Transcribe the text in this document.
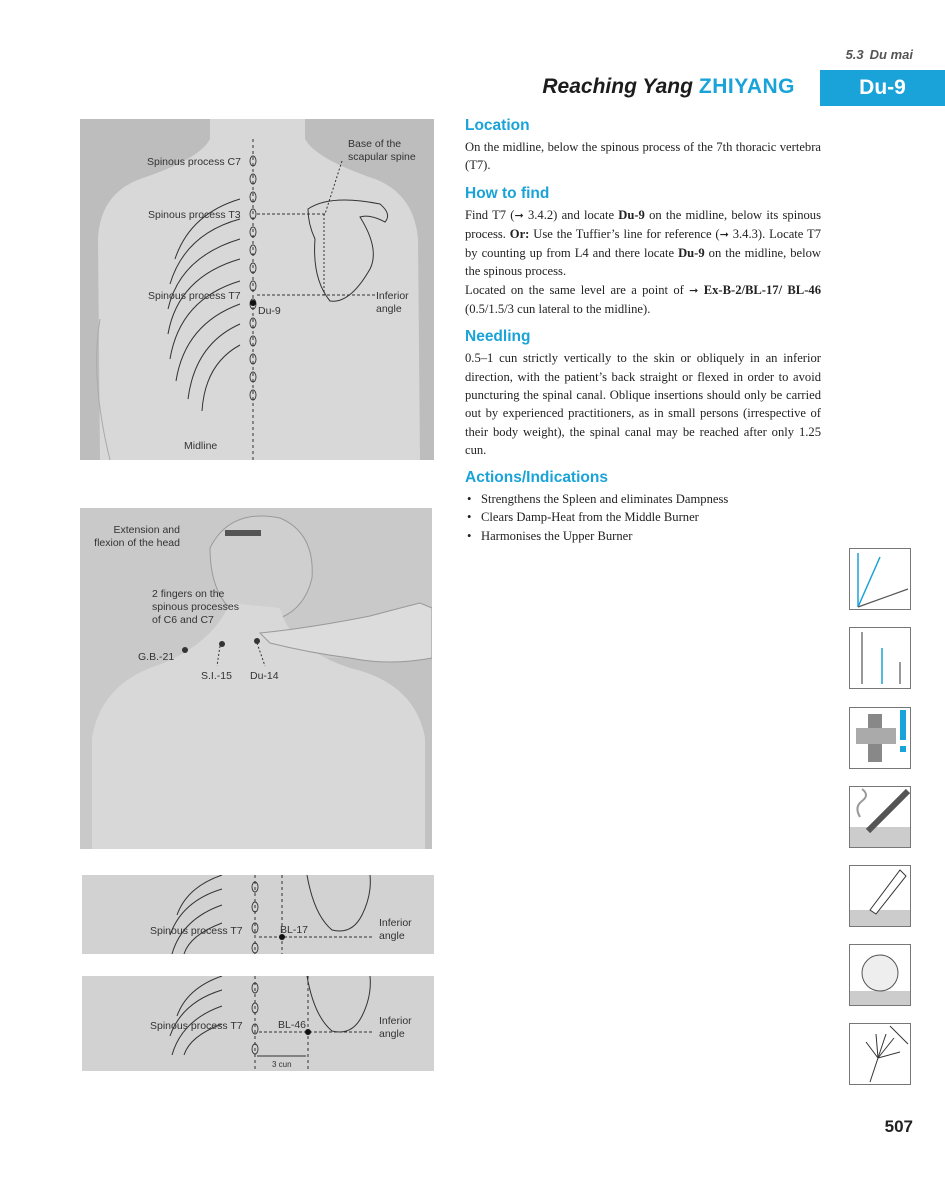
5.3 Du mai
Reaching Yang ZHIYANG	Du-9
Spinous process C7
Spinous process T3
Spinous process T7
Base of the
scapular spine
Inferior
angle
Du-9
Midline
Extension and
flexion of the head
2 fingers on the
spinous processes
of C6 and C7
G.B.-21
S.I.-15 Du-14
Spinous process T7	BL-17
Inferior
angle
Spinous process T7	BL-46	Inferior
angle
3 cun
Location
On the midline, below the spinous process of the 7th thoracic vertebra (T7).
How to find
Find T7 (➞ 3.4.2) and locate Du-9 on the midline, below its spinous process. Or: Use the Tuffier’s line for reference (➞ 3.4.3). Locate T7 by counting up from L4 and there locate Du-9 on the midline, below the spinous process.
Located on the same level are a point of ➞ Ex-B-2/BL-17/ BL-46 (0.5/1.5/3 cun lateral to the midline).
Needling
0.5–1 cun strictly vertically to the skin or obliquely in an inferior direction, with the patient’s back straight or flexed in order to avoid puncturing the spinal canal. Oblique insertions should only be carried out by experienced practitioners, as in small persons (irrespective of their body weight), the spinal canal may be reached after only 1.25 cun.
Actions/Indications
• Strengthens the Spleen and eliminates Dampness
• Clears Damp-Heat from the Middle Burner
• Harmonises the Upper Burner
507
